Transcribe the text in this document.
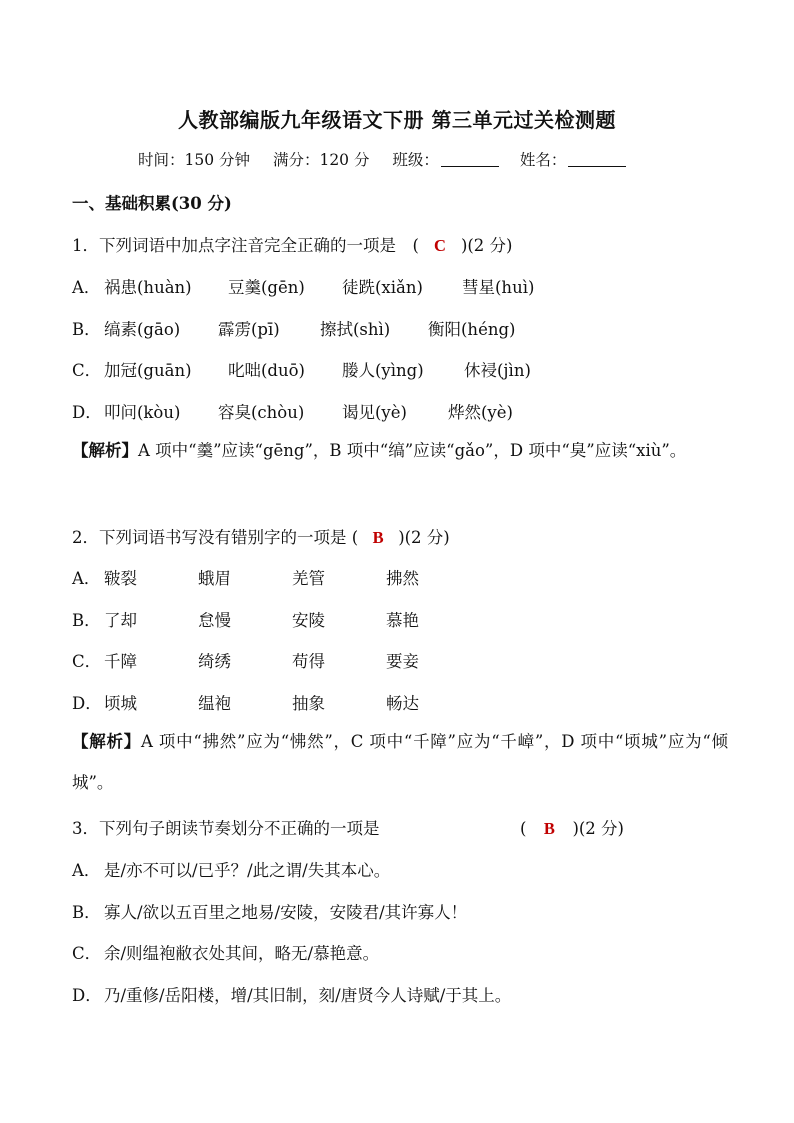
人教部编版九年级语文下册 第三单元过关检测题
时间：150 分钟 满分：120 分 班级：	姓名：
一、基础积累(30 分)
1．下列词语中加点字注音完全正确的一项是　( C )(2 分)
A． 祸患(huàn) 豆羹(gēn) 徒跣(xiǎn) 彗星(huì)
B． 缟素(gāo) 霹雳(pī) 擦拭(shì) 衡阳(héng)
C． 加冠(guān) 叱咄(duō) 媵人(yìng) 休祲(jìn)
D． 叩问(kòu) 容臭(chòu) 谒见(yè) 烨然(yè)
【解析】A 项中“羹”应读“gēng”，B 项中“缟”应读“gǎo”，D 项中“臭”应读“xiù”。
2．下列词语书写没有错别字的一项是 ( B )(2 分)
A． 皲裂	蛾眉	羌管	拂然
B． 了却	怠慢	安陵	慕艳
C． 千障	绮绣	苟得	要妾
D． 顷城	缊袍	抽象	畅达
【解析】A 项中“拂然”应为“怫然”，C 项中“千障”应为“千嶂”，D 项中“顷城”应为“倾城”。
3．下列句子朗读节奏划分不正确的一项是	( B )(2 分)
A． 是/亦不可以/已乎？/此之谓/失其本心。
B． 寡人/欲以五百里之地易/安陵，安陵君/其许寡人！
C． 余/则缊袍敝衣处其间，略无/慕艳意。
D． 乃/重修/岳阳楼，增/其旧制，刻/唐贤今人诗赋/于其上。
